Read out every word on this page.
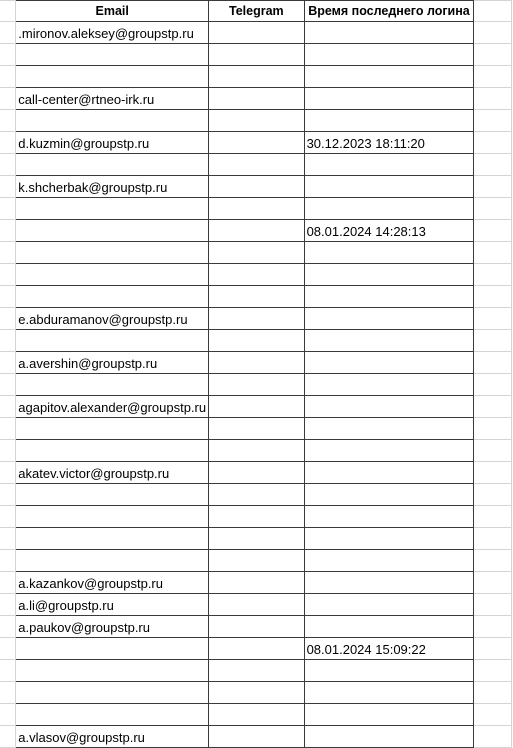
	Email	Telegram	Время последнего логина	
	.mironov.aleksey@groupstp.ru			

	call-center@rtneo-irk.ru			

	d.kuzmin@groupstp.ru		30.12.2023 18:11:20	

	k.shcherbak@groupstp.ru			

			08.01.2024 14:28:13	

	e.abduramanov@groupstp.ru			

	a.avershin@groupstp.ru			

	agapitov.alexander@groupstp.ru			

	akatev.victor@groupstp.ru			

	a.kazankov@groupstp.ru			
	a.li@groupstp.ru			
	a.paukov@groupstp.ru			
			08.01.2024 15:09:22	

	a.vlasov@groupstp.ru			
